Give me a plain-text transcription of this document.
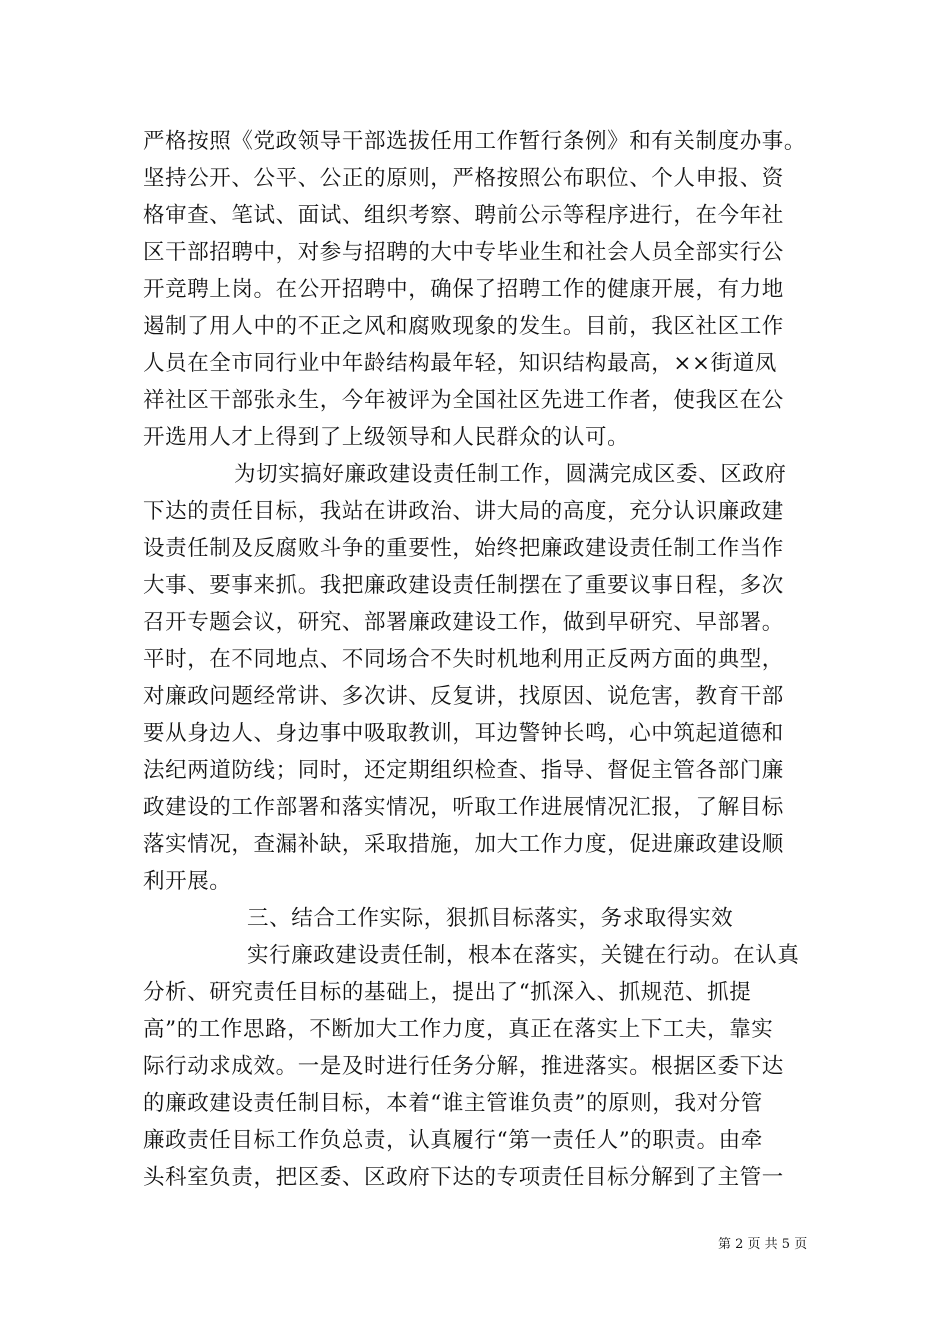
严格按照《党政领导干部选拔任用工作暂行条例》和有关制度办事。
坚持公开、公平、公正的原则，严格按照公布职位、个人申报、资
格审查、笔试、面试、组织考察、聘前公示等程序进行，在今年社
区干部招聘中，对参与招聘的大中专毕业生和社会人员全部实行公
开竞聘上岗。在公开招聘中，确保了招聘工作的健康开展，有力地
遏制了用人中的不正之风和腐败现象的发生。目前，我区社区工作
人员在全市同行业中年龄结构最年轻，知识结构最高，××街道凤
祥社区干部张永生，今年被评为全国社区先进工作者，使我区在公
开选用人才上得到了上级领导和人民群众的认可。
为切实搞好廉政建设责任制工作，圆满完成区委、区政府
下达的责任目标，我站在讲政治、讲大局的高度，充分认识廉政建
设责任制及反腐败斗争的重要性，始终把廉政建设责任制工作当作
大事、要事来抓。我把廉政建设责任制摆在了重要议事日程，多次
召开专题会议，研究、部署廉政建设工作，做到早研究、早部署。
平时，在不同地点、不同场合不失时机地利用正反两方面的典型，
对廉政问题经常讲、多次讲、反复讲，找原因、说危害，教育干部
要从身边人、身边事中吸取教训，耳边警钟长鸣，心中筑起道德和
法纪两道防线；同时，还定期组织检查、指导、督促主管各部门廉
政建设的工作部署和落实情况，听取工作进展情况汇报，了解目标
落实情况，查漏补缺，采取措施，加大工作力度，促进廉政建设顺
利开展。
三、结合工作实际，狠抓目标落实，务求取得实效
实行廉政建设责任制，根本在落实，关键在行动。在认真
分析、研究责任目标的基础上，提出了“抓深入、抓规范、抓提
高”的工作思路，不断加大工作力度，真正在落实上下工夫，靠实
际行动求成效。一是及时进行任务分解，推进落实。根据区委下达
的廉政建设责任制目标，本着“谁主管谁负责”的原则，我对分管
廉政责任目标工作负总责，认真履行“第一责任人”的职责。由牵
头科室负责，把区委、区政府下达的专项责任目标分解到了主管一
第 2 页 共 5 页
